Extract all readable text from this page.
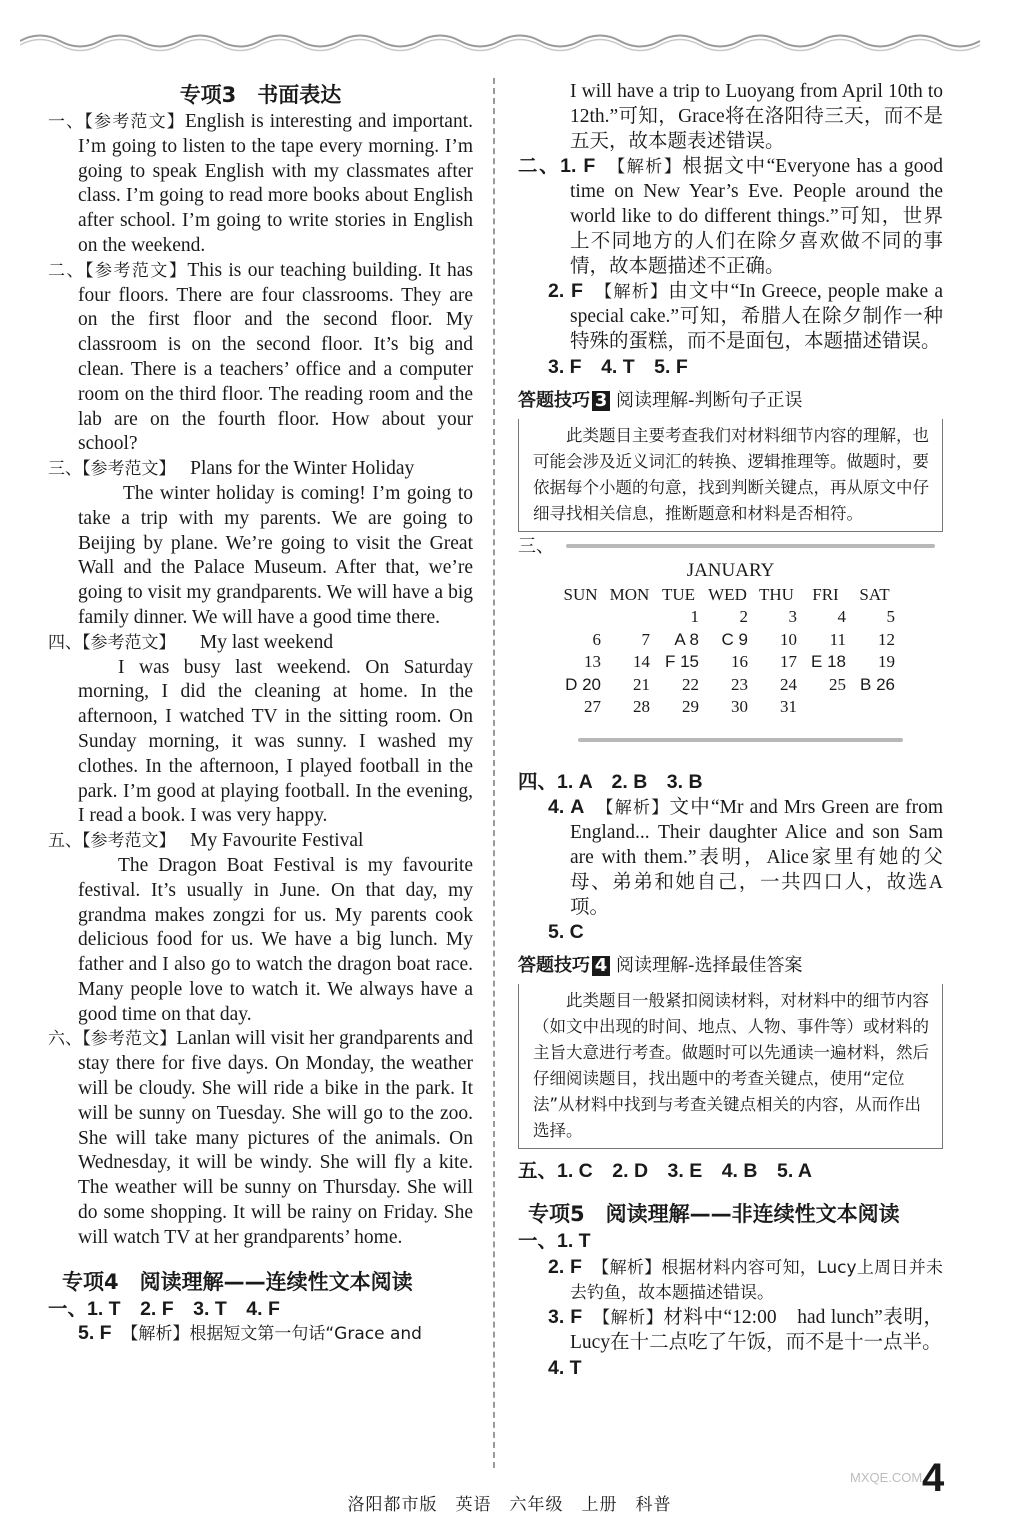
专项3　书面表达

一、【参考范文】English is interesting and important. I’m going to listen to the tape every morning. I’m going to speak English with my classmates after class. I’m going to read more books about English after school. I’m going to write stories in English on the weekend.

二、【参考范文】This is our teaching building. It has four floors. There are four classrooms. They are on the first floor and the second floor. My classroom is on the second floor. It’s big and clean. There is a teachers’ office and a computer room on the third floor. The reading room and the lab are on the fourth floor. How about your school?

三、【参考范文】 Plans for the Winter Holiday

The winter holiday is coming! I’m going to take a trip with my parents. We are going to Beijing by plane. We’re going to visit the Great Wall and the Palace Museum. After that, we’re going to visit my grandparents. We will have a big family dinner. We will have a good time there.

四、【参考范文】 My last weekend

I was busy last weekend. On Saturday morning, I did the cleaning at home. In the afternoon, I watched TV in the sitting room. On Sunday morning, it was sunny. I washed my clothes. In the afternoon, I played football in the park. I’m good at playing football. In the evening, I read a book. I was very happy.

五、【参考范文】 My Favourite Festival

The Dragon Boat Festival is my favourite festival. It’s usually in June. On that day, my grandma makes zongzi for us. My parents cook delicious food for us. We have a big lunch. My father and I also go to watch the dragon boat race. Many people love to watch it. We always have a good time on that day.

六、【参考范文】Lanlan will visit her grandparents and stay there for five days. On Monday, the weather will be cloudy. She will ride a bike in the park. It will be sunny on Tuesday. She will go to the zoo. She will take many pictures of the animals. On Wednesday, it will be windy. She will fly a kite. The weather will be sunny on Thursday. She will do some shopping. It will be rainy on Friday. She will watch TV at her grandparents’ home.

专项4　阅读理解——连续性文本阅读

一、1. T　2. F　3. T　4. F

5. F 【解析】根据短文第一句话“Grace and

I will have a trip to Luoyang from April 10th to 12th.”可知，Grace将在洛阳待三天，而不是五天，故本题表述错误。

二、1. F 【解析】根据文中“Everyone has a good time on New Year’s Eve. People around the world like to do different things.”可知，世界上不同地方的人们在除夕喜欢做不同的事情，故本题描述不正确。

2. F 【解析】由文中“In Greece, people make a special cake.”可知，希腊人在除夕制作一种特殊的蛋糕，而不是面包，本题描述错误。

3. F　4. T　5. F

答题技巧 3 阅读理解-判断句子正误

此类题目主要考查我们对材料细节内容的理解，也可能会涉及近义词汇的转换、逻辑推理等。做题时，要依据每个小题的句意，找到判断关键点，再从原文中仔细寻找相关信息，推断题意和材料是否相符。

三、
JANUARY
SUN	MON	TUE	WED	THU	FRI	SAT
		1	2	3	4	5
6	7	A 8	C 9	10	11	12
13	14	F 15	16	17	E 18	19
D 20	21	22	23	24	25	B 26
27	28	29	30	31		

四、1. A　2. B　3. B

4. A 【解析】文中“Mr and Mrs Green are from England... Their daughter Alice and son Sam are with them.”表明，Alice家里有她的父母、弟弟和她自己，一共四口人，故选A项。

5. C

答题技巧 4 阅读理解-选择最佳答案

此类题目一般紧扣阅读材料，对材料中的细节内容（如文中出现的时间、地点、人物、事件等）或材料的主旨大意进行考查。做题时可以先通读一遍材料，然后仔细阅读题目，找出题中的考查关键点，使用“定位法”从材料中找到与考查关键点相关的内容，从而作出选择。

五、1. C　2. D　3. E　4. B　5. A

专项5　阅读理解——非连续性文本阅读

一、1. T

2. F 【解析】根据材料内容可知，Lucy上周日并未去钓鱼，故本题描述错误。

3. F 【解析】材料中“12:00　had lunch”表明，Lucy在十二点吃了午饭，而不是十一点半。

4. T

4
MXQE.COM
洛阳都市版　英语　六年级　上册　科普
